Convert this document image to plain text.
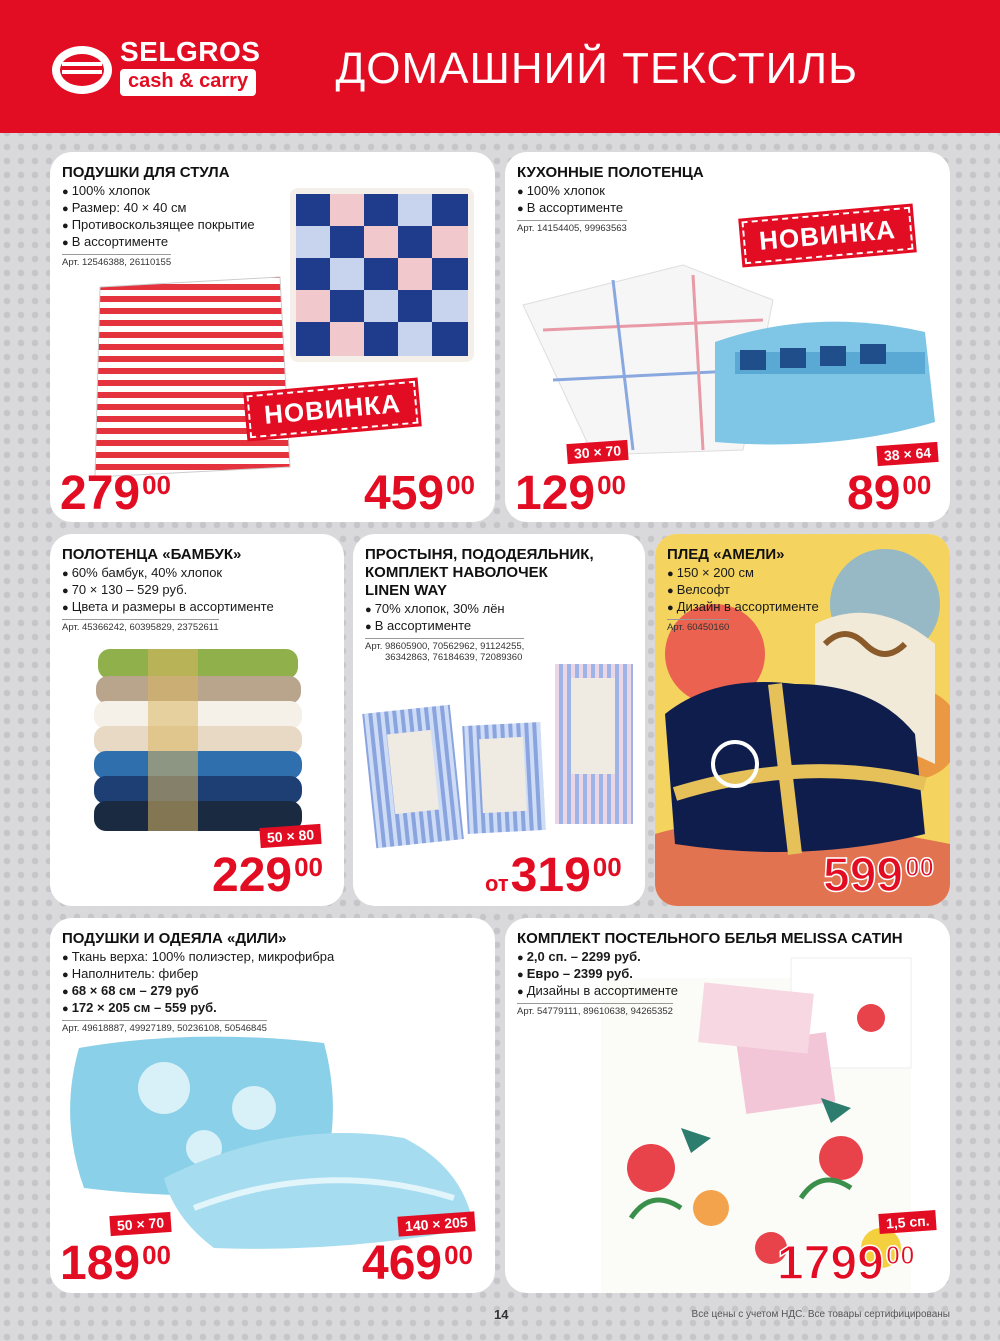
SELGROS
cash & carry ДОМАШНИЙ ТЕКСТИЛЬ
ПОДУШКИ ДЛЯ СТУЛА
● 100% хлопок
● Размер: 40 × 40 см
● Противоскользящее покрытие
● В ассортименте
Арт. 12546388, 26110155
НОВИНКА
$279^{00}$	$459^{00}$
КУХОННЫЕ ПОЛОТЕНЦА
● 100% хлопок
● В ассортименте
Арт. 14154405, 99963563	НОВИНКА
30 × 70
$129^{00}$
38 × 64
$89^{00}$
ПОЛОТЕНЦА «БАМБУК»
● 60% бамбук, 40% хлопок
● 70 × 130 – 529 руб.
● Цвета и размеры в ассортименте
Арт. 45366242, 60395829, 23752611
50 × 80
$229^{00}$
ПРОСТЫНЯ, ПОДОДЕЯЛЬНИК,
КОМПЛЕКТ НАВОЛОЧЕК
LINEN WAY
● 70% хлопок, 30% лён
● В ассортименте
Арт. 98605900, 70562962, 91124255,
36342863, 76184639, 72089360
$от319^{00}$
ПЛЕД «АМЕЛИ»
● 150 × 200 см
● Велсофт
● Дизайн в ассортименте
Арт. 60450160
$599^{00}$
ПОДУШКИ И ОДЕЯЛА «ДИЛИ»
● Ткань верха: 100% полиэстер, микрофибра
● Наполнитель: фибер
● 68 × 68 см – 279 руб
● 172 × 205 см – 559 руб.
Арт. 49618887, 49927189, 50236108, 50546845
50 × 70
$189^{00}$
140 × 205
$469^{00}$
КОМПЛЕКТ ПОСТЕЛЬНОГО БЕЛЬЯ MELISSA САТИН
● 2,0 сп. – 2299 руб.
● Евро – 2399 руб.
● Дизайны в ассортименте
Арт. 54779111, 89610638, 94265352
1,5 сп.
1799$^{00}$
14	Все цены с учетом НДС. Все товары сертифицированы
